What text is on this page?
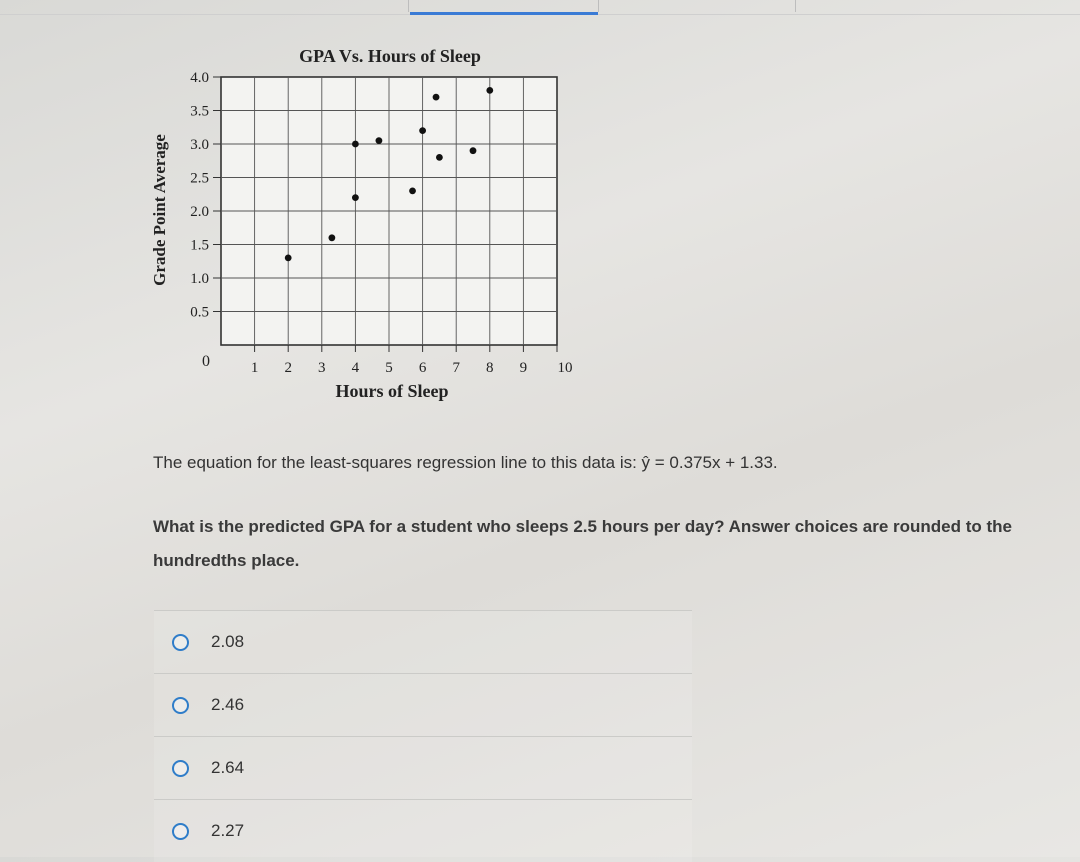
GPA Vs. Hours of Sleep
4.0
3.5
3.0
2.5
2.0
1.5
1.0
0.5
1 2 3 4 5 6 7 8 9 10
0
Hours of Sleep
Grade Point Average
The equation for the least-squares regression line to this data is: ŷ = 0.375x + 1.33.
What is the predicted GPA for a student who sleeps 2.5 hours per day? Answer choices are rounded to the hundredths place.
2.08
2.46
2.64
2.27
